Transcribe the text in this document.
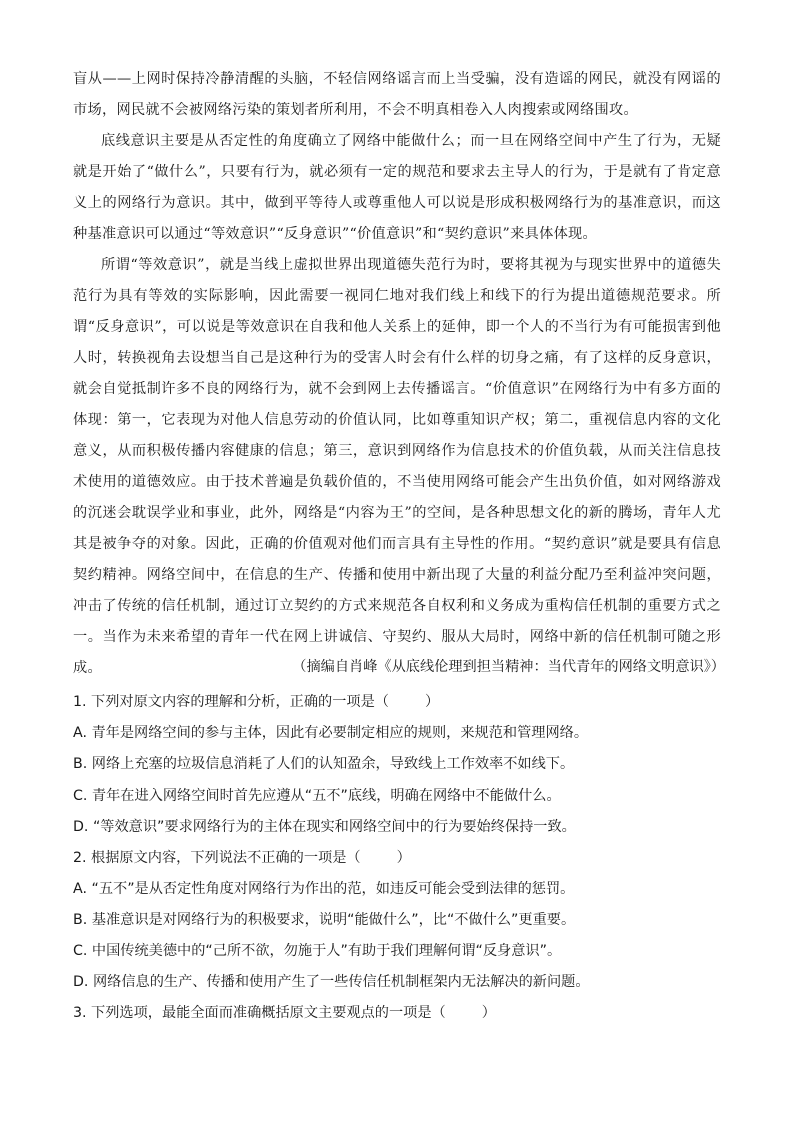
盲从——上网时保持冷静清醒的头脑，不轻信网络谣言而上当受骗，没有造谣的网民，就没有网谣的市场，网民就不会被网络污染的策划者所利用，不会不明真相卷入人肉搜索或网络围攻。

底线意识主要是从否定性的角度确立了网络中能做什么；而一旦在网络空间中产生了行为，无疑就是开始了“做什么”，只要有行为，就必须有一定的规范和要求去主导人的行为，于是就有了肯定意义上的网络行为意识。其中，做到平等待人或尊重他人可以说是形成积极网络行为的基准意识，而这种基准意识可以通过“等效意识”“反身意识”“价值意识”和“契约意识”来具体体现。

所谓“等效意识”，就是当线上虚拟世界出现道德失范行为时，要将其视为与现实世界中的道德失范行为具有等效的实际影响，因此需要一视同仁地对我们线上和线下的行为提出道德规范要求。所谓“反身意识”，可以说是等效意识在自我和他人关系上的延伸，即一个人的不当行为有可能损害到他人时，转换视角去设想当自己是这种行为的受害人时会有什么样的切身之痛，有了这样的反身意识，就会自觉抵制许多不良的网络行为，就不会到网上去传播谣言。“价值意识”在网络行为中有多方面的体现：第一，它表现为对他人信息劳动的价值认同，比如尊重知识产权；第二，重视信息内容的文化意义，从而积极传播内容健康的信息；第三，意识到网络作为信息技术的价值负载，从而关注信息技术使用的道德效应。由于技术普遍是负载价值的，不当使用网络可能会产生出负价值，如对网络游戏的沉迷会耽误学业和事业，此外，网络是“内容为王”的空间，是各种思想文化的新的腾场，青年人尤其是被争夺的对象。因此，正确的价值观对他们而言具有主导性的作用。“契约意识”就是要具有信息契约精神。网络空间中，在信息的生产、传播和使用中新出现了大量的利益分配乃至利益冲突问题，冲击了传统的信任机制，通过订立契约的方式来规范各自权利和义务成为重构信任机制的重要方式之一。当作为未来希望的青年一代在网上讲诚信、守契约、服从大局时，网络中新的信任机制可随之形成。	（摘编自肖峰《从底线伦理到担当精神：当代青年的网络文明意识》）
1. 下列对原文内容的理解和分析，正确的一项是（	）
A. 青年是网络空间的参与主体，因此有必要制定相应的规则，来规范和管理网络。
B. 网络上充塞的垃圾信息消耗了人们的认知盈余，导致线上工作效率不如线下。
C. 青年在进入网络空间时首先应遵从“五不”底线，明确在网络中不能做什么。
D. “等效意识”要求网络行为的主体在现实和网络空间中的行为要始终保持一致。
2. 根据原文内容，下列说法不正确的一项是（	）
A. “五不”是从否定性角度对网络行为作出的范，如违反可能会受到法律的惩罚。
B. 基准意识是对网络行为的积极要求，说明“能做什么”，比“不做什么”更重要。
C. 中国传统美德中的“己所不欲，勿施于人”有助于我们理解何谓“反身意识”。
D. 网络信息的生产、传播和使用产生了一些传信任机制框架内无法解决的新问题。
3. 下列选项，最能全面而准确概括原文主要观点的一项是（	）
